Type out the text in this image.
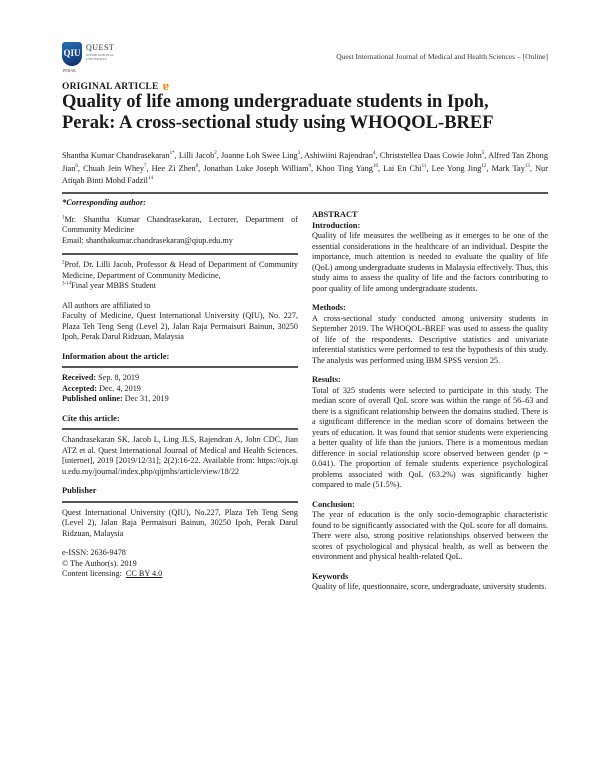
QIU
QUEST
INTERNATIONAL UNIVERSITY
PERAK
Quest International Journal of Medical and Health Sciences – [Online]
ORIGINAL ARTICLE ɐ
Quality of life among undergraduate students in Ipoh, Perak: A cross-sectional study using WHOQOL-BREF
Shantha Kumar Chandrasekaran$^{1*}$, Lilli Jacob$^2$, Joanne Loh Swee Ling$^3$, Ashiwiini Rajendran$^4$, Christstellea Daas Cowie John$^5$, Alfred Tan Zhong Jian$^6$, Chuah Jein Whey$^7$, Hee Zi Zhen$^8$, Jonathan Luke Joseph William$^9$, Khoo Ting Yang$^{10}$, Lai En Chi$^{11}$, Lee Yong Jing$^{12}$, Mark Tay$^{13}$, Nur Atiqah Binti Mohd Fadzil$^{14}$
*Corresponding author:

$^1$Mr. Shantha Kumar Chandrasekaran, Lecturer, Department of Community Medicine

Email: shanthakumar.chandrasekaran@qiup.edu.my

$^2$Prof. Dr. Lilli Jacob, Professor & Head of Department of Community Medicine, Department of Community Medicine,

$^{3-14}$Final year MBBS Student

All authors are affiliated to

Faculty of Medicine, Quest International University (QIU), No. 227, Plaza Teh Teng Seng (Level 2), Jalan Raja Permaisuri Bainun, 30250 Ipoh, Perak Darul Ridzuan, Malaysia

Information about the article:

Received: Sep. 8, 2019

Accepted: Dec. 4, 2019

Published online: Dec 31, 2019

Cite this article:

Chandrasekaran SK, Jacob L, Ling JLS, Rajendran A, John CDC, Jian ATZ et al. Quest International Journal of Medical and Health Sciences. [internet], 2019 [2019/12/31]; 2(2):16-22. Available from: https://ojs.qiu.edu.my/journal/index.php/qijmhs/article/view/18/22

Publisher

Quest International University (QIU), No.227, Plaza Teh Teng Seng (Level 2), Jalan Raja Permaisuri Bainun, 30250 Ipoh, Perak Darul Ridzuan, Malaysia

e-ISSN: 2636-9478

© The Author(s). 2019

Content licensing: CC BY 4.0

ABSTRACT
Introduction:

Quality of life measures the wellbeing as it emerges to be one of the essential considerations in the healthcare of an individual. Despite the importance, much attention is needed to evaluate the quality of life (QoL) among undergraduate students in Malaysia effectively. Thus, this study aims to assess the quality of life and the factors contributing to poor quality of life among undergraduate students.

Methods:

A cross-sectional study conducted among university students in September 2019. The WHOQOL-BREF was used to assess the quality of life of the respondents. Descriptive statistics and univariate inferential statistics were performed to test the hypothesis of this study. The analysis was performed using IBM SPSS version 25.

Results:

Total of 325 students were selected to participate in this study. The median score of overall QoL score was within the range of 56–63 and there is a significant relationship between the domains studied. There is a significant difference in the median score of domains between the years of education. It was found that senior students were experiencing a better quality of life than the juniors. There is a momentous median difference in social relationship score observed between gender (p = 0.041). The proportion of female students experience psychological problems associated with QoL (63.2%) was significantly higher compared to male (51.5%).

Conclusion:

The year of education is the only socio-demographic characteristic found to be significantly associated with the QoL score for all domains. There were also, strong positive relationships observed between the scores of psychological and physical health, as well as between the environment and physical health-related QoL.

Keywords

Quality of life, questionnaire, score, undergraduate, university students.
